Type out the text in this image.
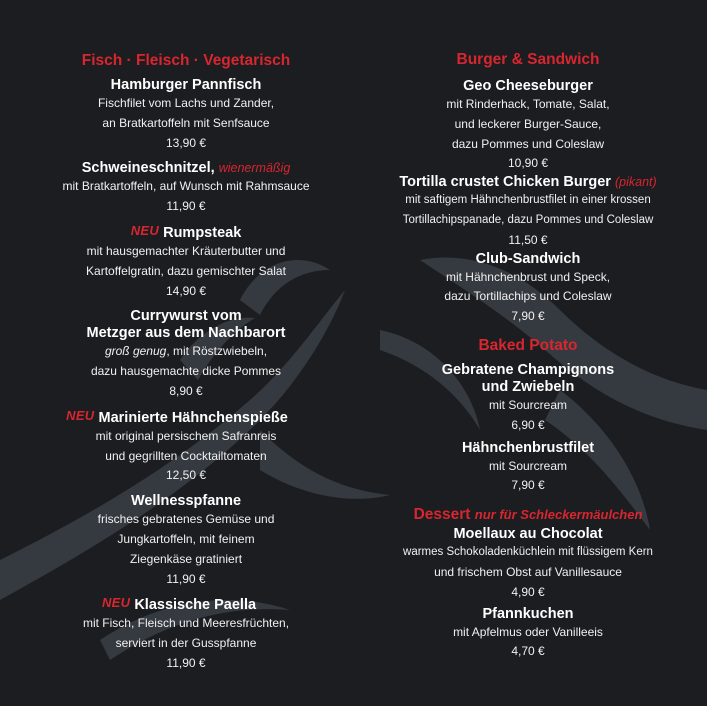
Fisch · Fleisch · Vegetarisch

Hamburger Pannfisch

Fischfilet vom Lachs und Zander,

an Bratkartoffeln mit Senfsauce

13,90 €

Schweineschnitzel, wienermäßig

mit Bratkartoffeln, auf Wunsch mit Rahmsauce

11,90 €

NEU Rumpsteak

mit hausgemachter Kräuterbutter und

Kartoffelgratin, dazu gemischter Salat

14,90 €

Currywurst vom

Metzger aus dem Nachbarort

groß genug, mit Röstzwiebeln,

dazu hausgemachte dicke Pommes

8,90 €

NEU Marinierte Hähnchenspieße

mit original persischem Safranreis

und gegrillten Cocktailtomaten

12,50 €

Wellnesspfanne

frisches gebratenes Gemüse und

Jungkartoffeln, mit feinem

Ziegenkäse gratiniert

11,90 €

NEU Klassische Paella

mit Fisch, Fleisch und Meeresfrüchten,

serviert in der Gusspfanne

11,90 €

Burger & Sandwich

Geo Cheeseburger

mit Rinderhack, Tomate, Salat,

und leckerer Burger-Sauce,

dazu Pommes und Coleslaw

10,90 €

Tortilla crustet Chicken Burger (pikant)

mit saftigem Hähnchenbrustfilet in einer krossen

Tortillachipspanade, dazu Pommes und Coleslaw

11,50 €

Club-Sandwich

mit Hähnchenbrust und Speck,

dazu Tortillachips und Coleslaw

7,90 €

Baked Potato

Gebratene Champignons

und Zwiebeln

mit Sourcream

6,90 €

Hähnchenbrustfilet

mit Sourcream

7,90 €

Dessert nur für Schleckermäulchen

Moellaux au Chocolat

warmes Schokoladenküchlein mit flüssigem Kern

und frischem Obst auf Vanillesauce

4,90 €

Pfannkuchen

mit Apfelmus oder Vanilleeis

4,70 €
